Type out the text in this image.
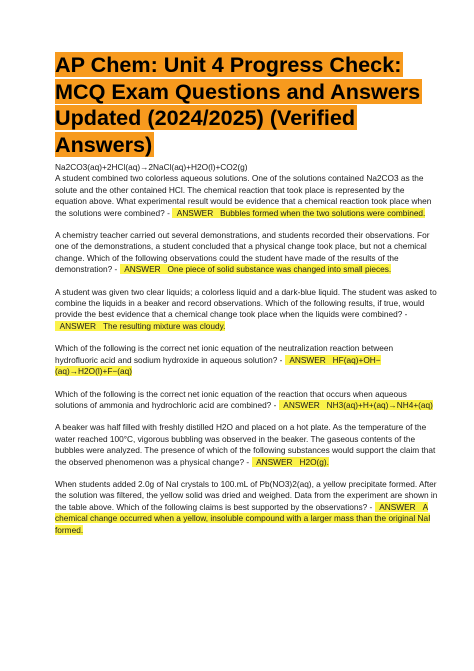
AP Chem: Unit 4 Progress Check: MCQ Exam Questions and Answers Updated (2024/2025) (Verified Answers)

Na2CO3(aq)+2HCl(aq)→2NaCl(aq)+H2O(l)+CO2(g)
A student combined two colorless aqueous solutions. One of the solutions contained Na2CO3 as the solute and the other contained HCl. The chemical reaction that took place is represented by the equation above. What experimental result would be evidence that a chemical reaction took place when the solutions were combined? -   ANSWER Bubbles formed when the two solutions were combined.

A chemistry teacher carried out several demonstrations, and students recorded their observations. For one of the demonstrations, a student concluded that a physical change took place, but not a chemical change. Which of the following observations could the student have made of the results of the demonstration? -   ANSWER One piece of solid substance was changed into small pieces.

A student was given two clear liquids; a colorless liquid and a dark-blue liquid. The student was asked to combine the liquids in a beaker and record observations. Which of the following results, if true, would provide the best evidence that a chemical change took place when the liquids were combined? -   ANSWER The resulting mixture was cloudy.

Which of the following is the correct net ionic equation of the neutralization reaction between hydrofluoric acid and sodium hydroxide in aqueous solution? -   ANSWER HF(aq)+OH−(aq)→H2O(l)+F−(aq)

Which of the following is the correct net ionic equation of the reaction that occurs when aqueous solutions of ammonia and hydrochloric acid are combined? -   ANSWER NH3(aq)+H+(aq)→NH4+(aq)

A beaker was half filled with freshly distilled H2O and placed on a hot plate. As the temperature of the water reached 100°C, vigorous bubbling was observed in the beaker. The gaseous contents of the bubbles were analyzed. The presence of which of the following substances would support the claim that the observed phenomenon was a physical change? -   ANSWER H2O(g).

When students added 2.0g of NaI crystals to 100.mL of Pb(NO3)2(aq), a yellow precipitate formed. After the solution was filtered, the yellow solid was dried and weighed. Data from the experiment are shown in the table above. Which of the following claims is best supported by the observations? -   ANSWER A chemical change occurred when a yellow, insoluble compound with a larger mass than the original NaI formed.
